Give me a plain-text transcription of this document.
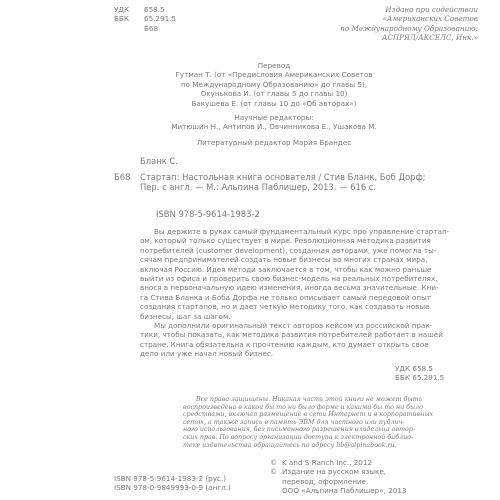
УДК	658.5
ББК	65.291.5
Б68
Издано при содействии
«Американских Советов
по Международному Образованию:
АСПРЯЛ/АКСЕЛС, Инк.»
Перевод
Гутман Т. (от «Предисловия Американских Советов
по Международному Образованию» до главы 5),
Окунькова И. (от главы 5 до главы 10)
Бакушева Е. (от главы 10 до «Об авторах»)
Научные редакторы:
Митюшин Н., Антипов И., Овчинникова Е., Ушакова М.
Литературный редактор Мария Брандес
Бланк С.
Б68 Стартап: Настольная книга основателя / Стив Бланк, Боб Дорф;
Пер. с англ. — М.: Альпина Паблишер, 2013. — 616 с.
ISBN 978-5-9614-1983-2
Вы держите в руках самый фундаментальный курс про управление стартап-
ом, который только существует в мире. Революционная методика развития
потребителей (customer development), созданная авторами, уже помогла ты-
сячам предпринимателей создать новые бизнесы во многих странах мира,
включая Россию. Идея методи заключается в том, чтобы как можно раньше
выйти из офиса и проверить свою бизнес-модель на реальных потребителях,
внося в первоначальную идею изменения, иногда весьма значительные. Кни-
га Стива Бланка и Боба Дорфа не только описывает самый передовой опыт
создания стартапов, но и дает четкую методику того, как создавать новые
бизнесы, шаг за шагом.
Мы дополнили оригинальный текст авторов кейсом из российской прак-
тики, чтобы показать, как методика развития потребителей работает в нашей
стране. Книга обязательна к прочтению каждым, кто думает открыть свое
дело или уже начал новый бизнес.
УДК 658.5
ББК 65.291.5
Все права защищены. Никакая часть этой книги не может быть
воспроизведена в какой бы то ни было форме и какими бы то ни было
средствами, включая размещение в сети Интернет и в корпоративных
сетях, а также запись в память ЭВМ для частного или публич-
ного использования, без письменного разрешения владельца автор-
ских прав. По вопросу организации доступа к электронной библио-
теке издательства обращайтесь по адресу lib@alpinabook.ru.
ISBN 978-5-9614-1983-2 (рус.)
ISBN 978-0-9849993-0-9 (англ.)
© K and S Ranch Inc., 2012
© Издание на русском языке,
перевод, оформление.
ООО «Альпина Паблишер», 2013
